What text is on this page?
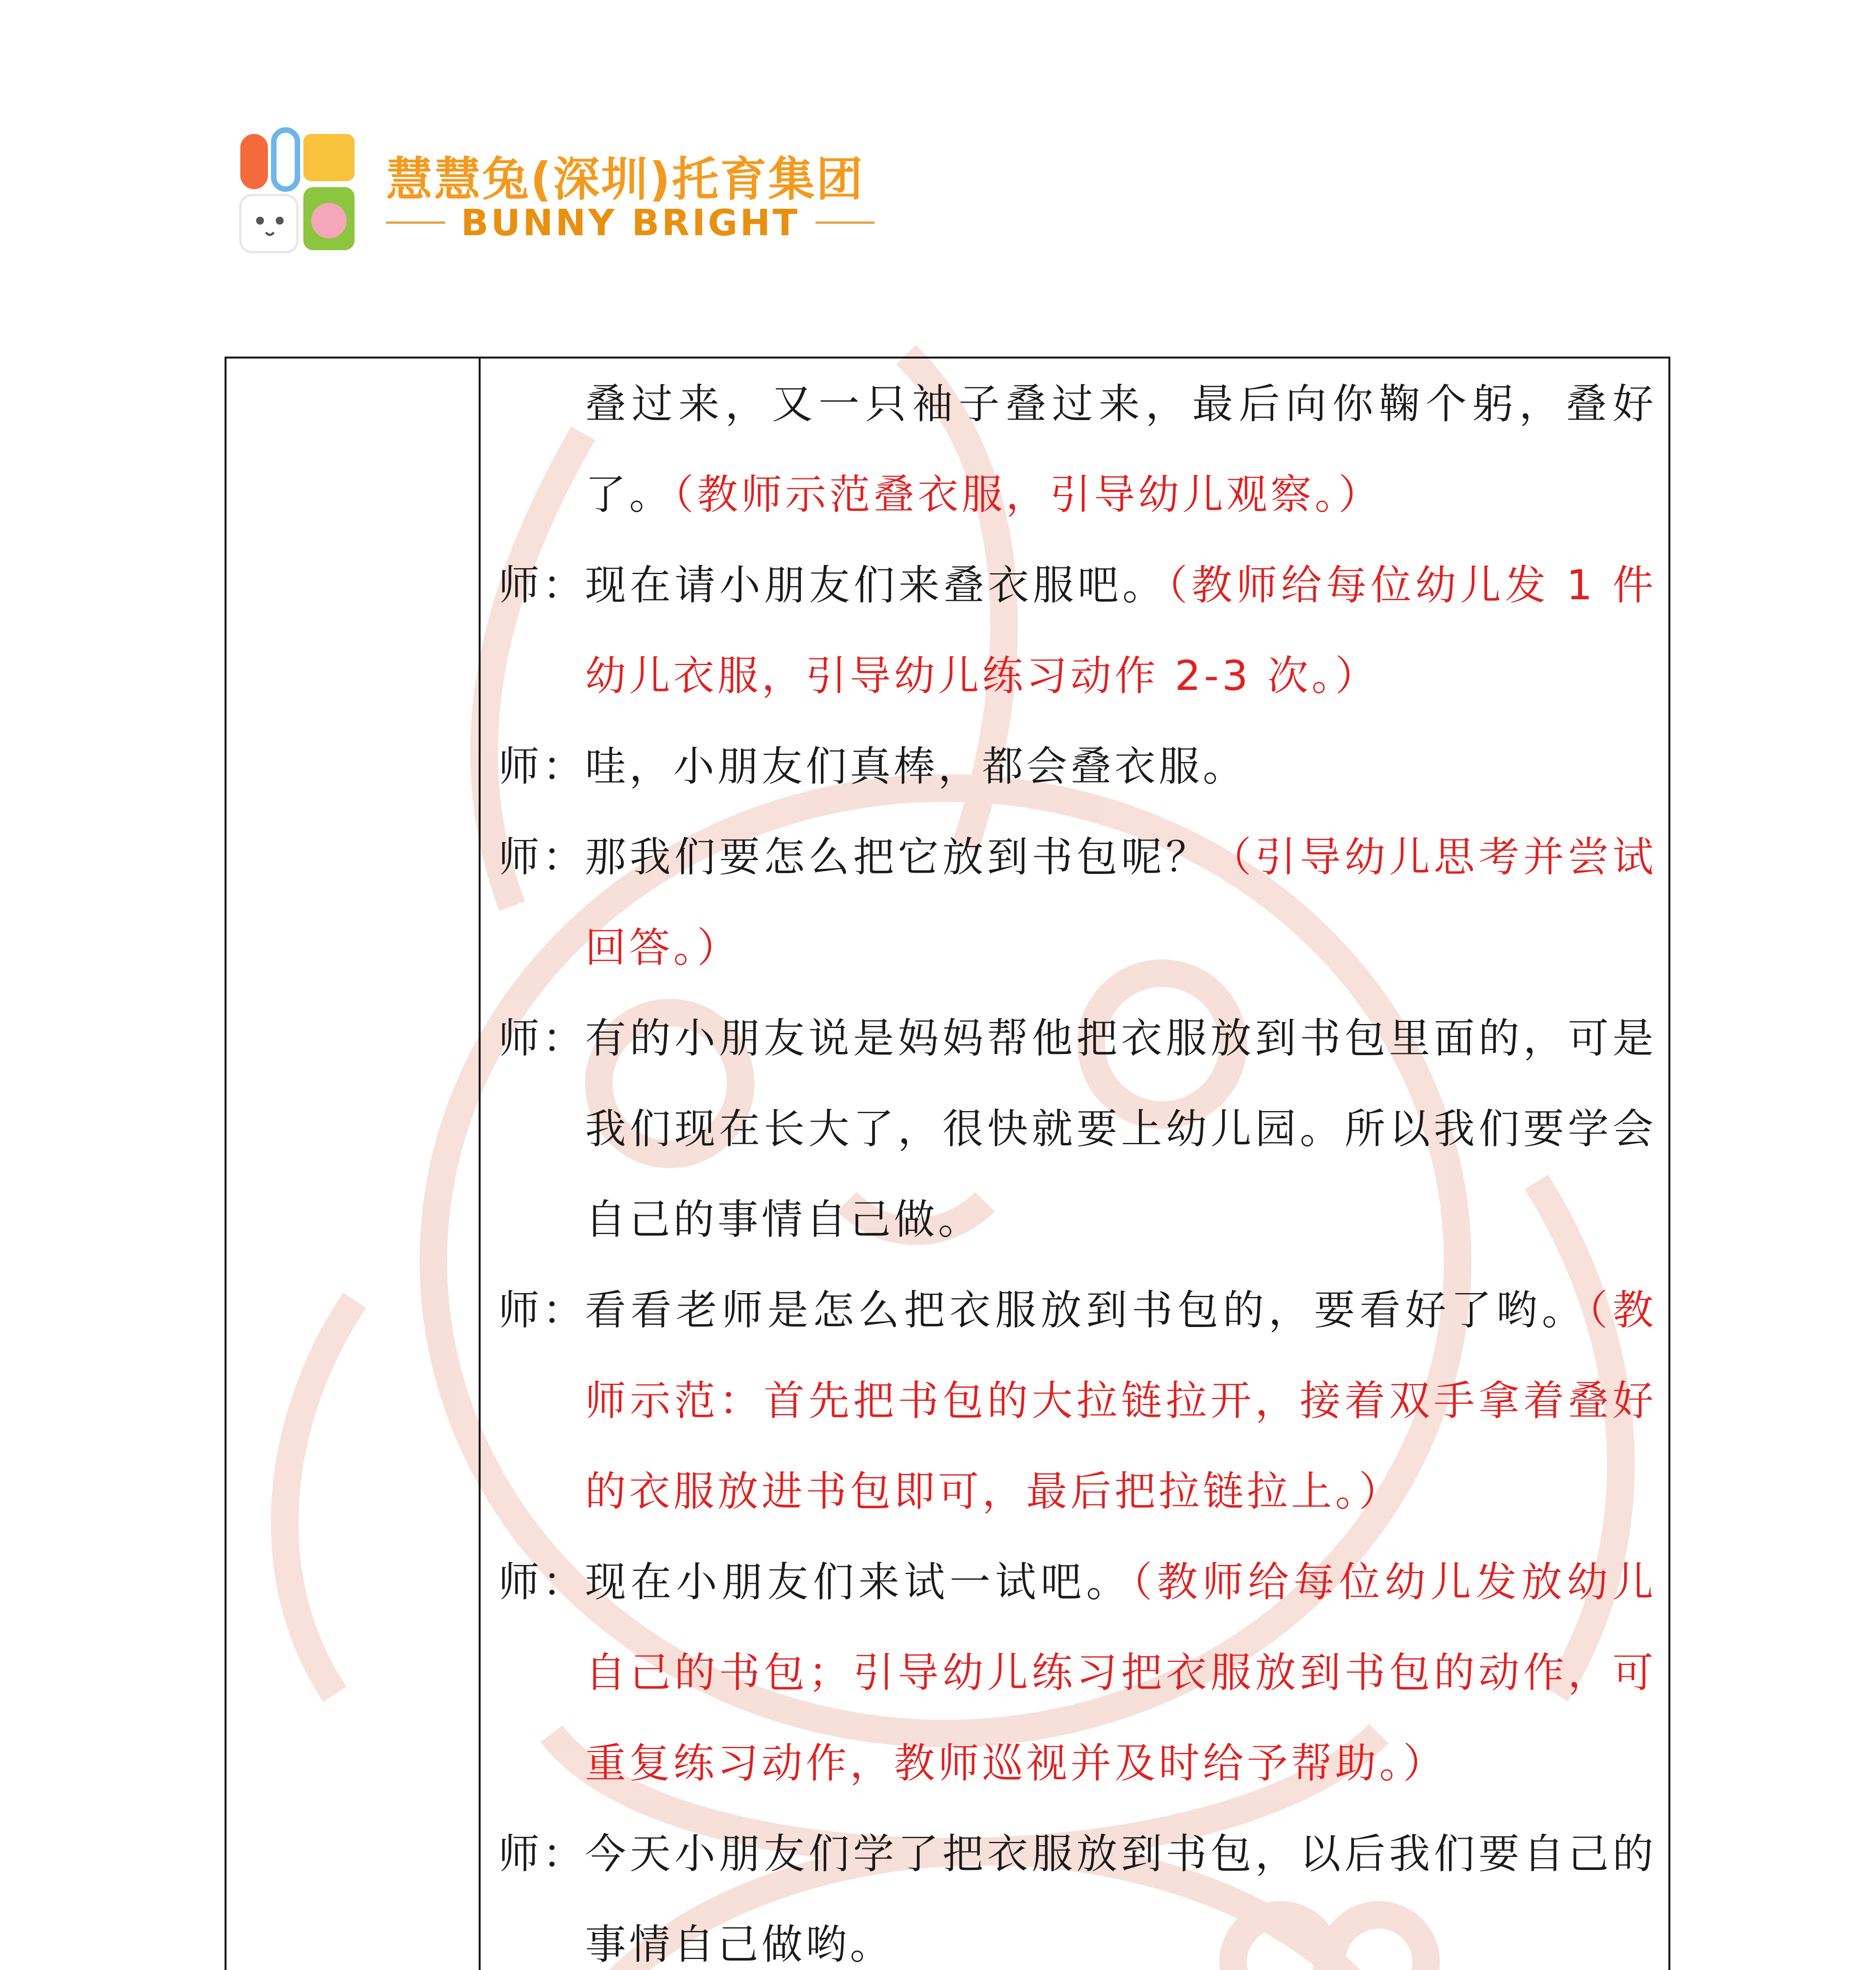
慧慧兔(深圳)托育集团
BUNNY BRIGHT
叠过来，又一只袖子叠过来，最后向你鞠个躬，叠好了。（教师示范叠衣服，引导幼儿观察。）
师：
现在请小朋友们来叠衣服吧。（教师给每位幼儿发 1 件幼儿衣服，引导幼儿练习动作 2-3 次。）
师：
哇，小朋友们真棒，都会叠衣服。
师：
那我们要怎么把它放到书包呢？（引导幼儿思考并尝试回答。）
师：
有的小朋友说是妈妈帮他把衣服放到书包里面的，可是我们现在长大了，很快就要上幼儿园。所以我们要学会自己的事情自己做。
师：
看看老师是怎么把衣服放到书包的，要看好了哟。（教师示范：首先把书包的大拉链拉开，接着双手拿着叠好的衣服放进书包即可，最后把拉链拉上。）
师：
现在小朋友们来试一试吧。（教师给每位幼儿发放幼儿自己的书包；引导幼儿练习把衣服放到书包的动作，可重复练习动作，教师巡视并及时给予帮助。）
师：
今天小朋友们学了把衣服放到书包，以后我们要自己的事情自己做哟。
